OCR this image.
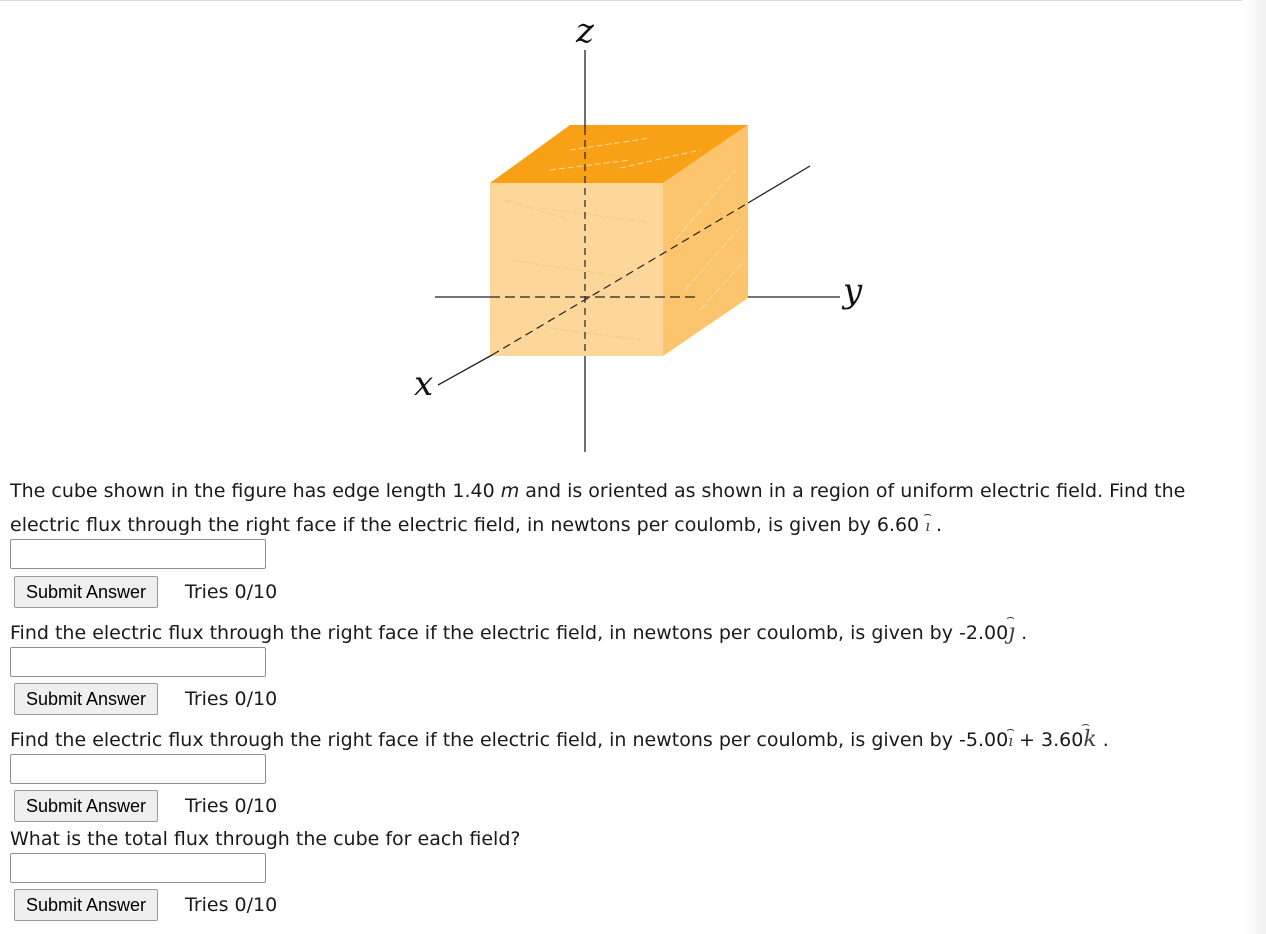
z
y
x

The cube shown in the figure has edge length 1.40 m and is oriented as shown in a region of uniform electric field. Find the

electric flux through the right face if the electric field, in newtons per coulomb, is given by 6.60 ⌢ ı .

Submit Answer	Tries 0/10

Find the electric flux through the right face if the electric field, in newtons per coulomb, is given by -2.00⌢ ȷ .

Submit Answer	Tries 0/10

Find the electric flux through the right face if the electric field, in newtons per coulomb, is given by -5.00⌢ ı + 3.60⌢ k .

Submit Answer	Tries 0/10

What is the total flux through the cube for each field?

Submit Answer	Tries 0/10
